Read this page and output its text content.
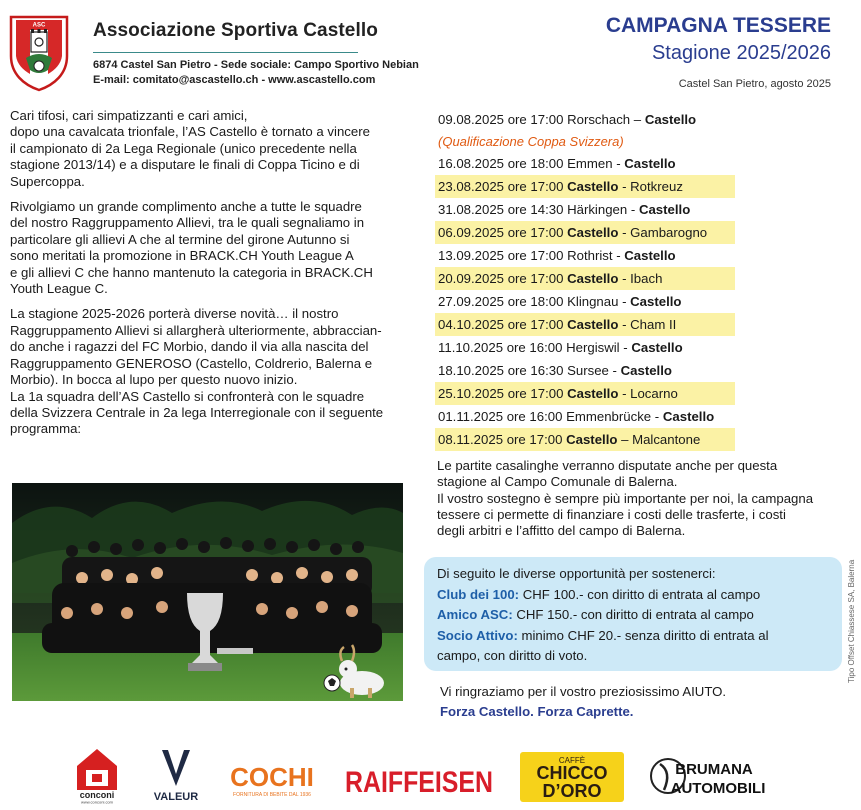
ASC	Associazione Sportiva Castello
6874 Castel San Pietro - Sede sociale: Campo Sportivo Nebian
E-mail: comitato@ascastello.ch - www.ascastello.com
CAMPAGNA TESSERE
Stagione 2025/2026
Castel San Pietro, agosto 2025

Cari tifosi, cari simpatizzanti e cari amici,

dopo una cavalcata trionfale, l’AS Castello è tornato a vincere

il campionato di 2a Lega Regionale (unico precedente nella

stagione 2013/14) e a disputare le finali di Coppa Ticino e di

Supercoppa.

Rivolgiamo un grande complimento anche a tutte le squadre

del nostro Raggruppamento Allievi, tra le quali segnaliamo in

particolare gli allievi A che al termine del girone Autunno si

sono meritati la promozione in BRACK.CH Youth League A

e gli allievi C che hanno mantenuto la categoria in BRACK.CH

Youth League C.

La stagione 2025-2026 porterà diverse novità… il nostro

Raggruppamento Allievi si allargherà ulteriormente, abbraccian-

do anche i ragazzi del FC Morbio, dando il via alla nascita del

Raggruppamento GENEROSO (Castello, Coldrerio, Balerna e

Morbio). In bocca al lupo per questo nuovo inizio.

La 1a squadra dell’AS Castello si confronterà con le squadre

della Svizzera Centrale in 2a lega Interregionale con il seguente

programma:

09.08.2025 ore 17:00 Rorschach – Castello
(Qualificazione Coppa Svizzera)
16.08.2025 ore 18:00 Emmen - Castello
23.08.2025 ore 17:00 Castello - Rotkreuz
31.08.2025 ore 14:30 Härkingen - Castello
06.09.2025 ore 17:00 Castello - Gambarogno
13.09.2025 ore 17:00 Rothrist - Castello
20.09.2025 ore 17:00 Castello - Ibach
27.09.2025 ore 18:00 Klingnau - Castello
04.10.2025 ore 17:00 Castello - Cham II
11.10.2025 ore 16:00 Hergiswil - Castello
18.10.2025 ore 16:30 Sursee - Castello
25.10.2025 ore 17:00 Castello - Locarno
01.11.2025 ore 16:00 Emmenbrücke - Castello
08.11.2025 ore 17:00 Castello – Malcantone

Le partite casalinghe verranno disputate anche per questa

stagione al Campo Comunale di Balerna.

Il vostro sostegno è sempre più importante per noi, la campagna

tessere ci permette di finanziare i costi delle trasferte, i costi

degli arbitri e l’affitto del campo di Balerna.

Di seguito le diverse opportunità per sostenerci:

Club dei 100: CHF 100.- con diritto di entrata al campo

Amico ASC: CHF 150.- con diritto di entrata al campo

Socio Attivo: minimo CHF 20.- senza diritto di entrata al

campo, con diritto di voto.	Tipo Offset Chiassese SA, Balerna

Vi ringraziamo per il vostro preziosissimo AIUTO.

Forza Castello. Forza Caprette.

conconi
www.conconi.com	VALEUR
COCHI
FORNITURA DI BEBITE DAL 1936 RAIFFEISEN
CAFFÈ
CHICCO
D’ORO
BRUMANA
AUTOMOBILI
